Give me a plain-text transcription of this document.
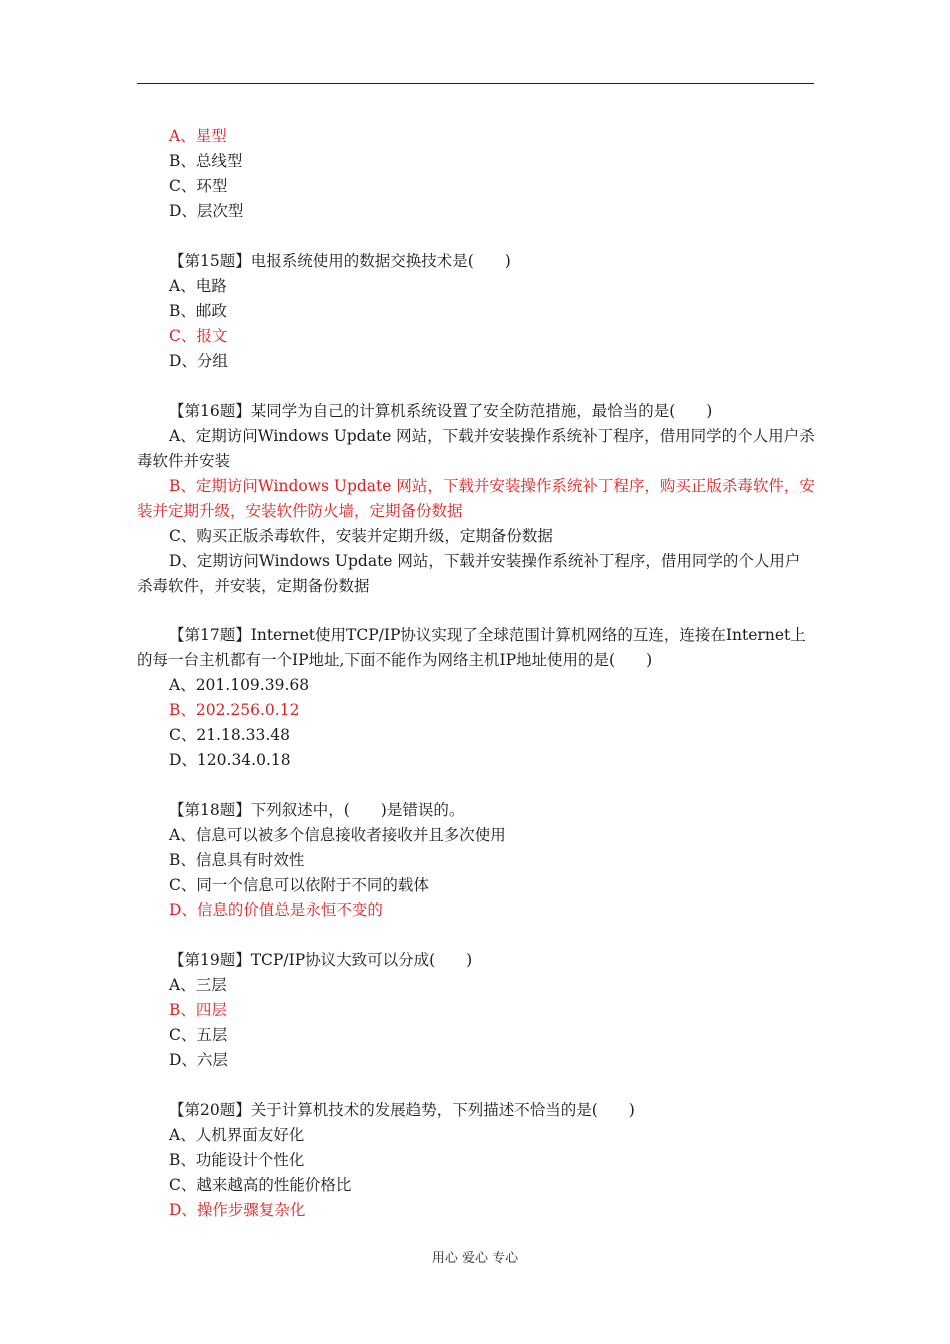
A、星型
B、总线型
C、环型
D、层次型
【第15题】电报系统使用的数据交换技术是(　　)
A、电路
B、邮政
C、报文
D、分组
【第16题】某同学为自己的计算机系统设置了安全防范措施，最恰当的是(　　)
A、定期访问Windows Update 网站，下载并安装操作系统补丁程序，借用同学的个人用户杀毒软件并安装
B、定期访问Windows Update 网站，下载并安装操作系统补丁程序，购买正版杀毒软件，安装并定期升级，安装软件防火墙，定期备份数据
C、购买正版杀毒软件，安装并定期升级，定期备份数据
D、定期访问Windows Update 网站，下载并安装操作系统补丁程序，借用同学的个人用户杀毒软件，并安装，定期备份数据
【第17题】Internet使用TCP/IP协议实现了全球范围计算机网络的互连，连接在Internet上的每一台主机都有一个IP地址,下面不能作为网络主机IP地址使用的是(　　)
A、201.109.39.68
B、202.256.0.12
C、21.18.33.48
D、120.34.0.18
【第18题】下列叙述中，(　　)是错误的。
A、信息可以被多个信息接收者接收并且多次使用
B、信息具有时效性
C、同一个信息可以依附于不同的载体
D、信息的价值总是永恒不变的
【第19题】TCP/IP协议大致可以分成(　　)
A、三层
B、四层
C、五层
D、六层
【第20题】关于计算机技术的发展趋势，下列描述不恰当的是(　　)
A、人机界面友好化
B、功能设计个性化
C、越来越高的性能价格比
D、操作步骤复杂化
用心 爱心 专心
